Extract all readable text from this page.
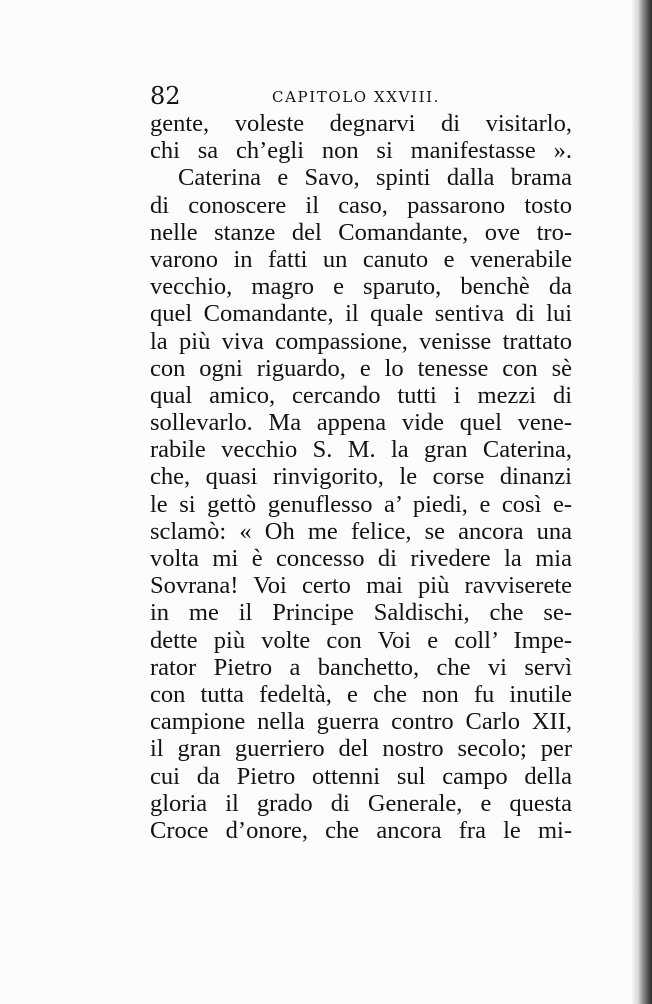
82	CAPITOLO XXVIII.
gente, voleste degnarvi di visitarlo,
chi sa ch’egli non si manifestasse ».
Caterina e Savo, spinti dalla brama
di conoscere il caso, passarono tosto
nelle stanze del Comandante, ove tro-
varono in fatti un canuto e venerabile
vecchio, magro e sparuto, benchè da
quel Comandante, il quale sentiva di lui
la più viva compassione, venisse trattato
con ogni riguardo, e lo tenesse con sè
qual amico, cercando tutti i mezzi di
sollevarlo. Ma appena vide quel vene-
rabile vecchio S. M. la gran Caterina,
che, quasi rinvigorito, le corse dinanzi
le si gettò genuflesso a’ piedi, e così e-
sclamò: « Oh me felice, se ancora una
volta mi è concesso di rivedere la mia
Sovrana! Voi certo mai più ravviserete
in me il Principe Saldischi, che se-
dette più volte con Voi e coll’ Impe-
rator Pietro a banchetto, che vi servì
con tutta fedeltà, e che non fu inutile
campione nella guerra contro Carlo XII,
il gran guerriero del nostro secolo; per
cui da Pietro ottenni sul campo della
gloria il grado di Generale, e questa
Croce d’onore, che ancora fra le mi-
